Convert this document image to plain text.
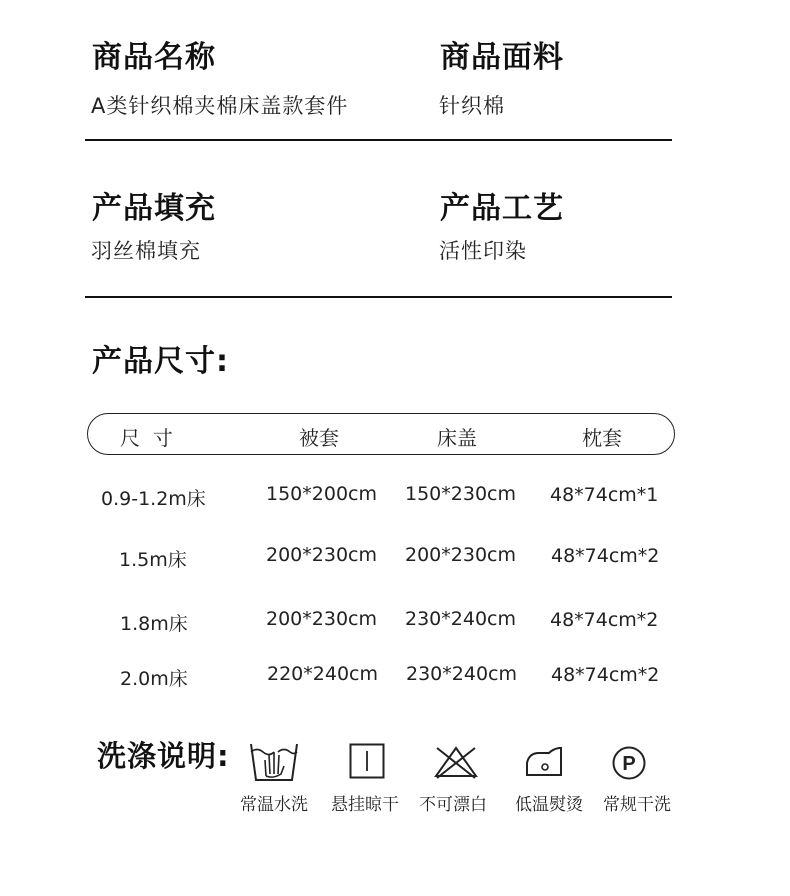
商品名称
A类针织棉夹棉床盖款套件
商品面料
针织棉
产品填充
羽丝棉填充
产品工艺
活性印染
产品尺寸:
尺  寸	被套	床盖	枕套
0.9-1.2m床	150*200cm 150*230cm 48*74cm*1
1.5m床	200*230cm 200*230cm 48*74cm*2
1.8m床	200*230cm 230*240cm 48*74cm*2
2.0m床	220*240cm 230*240cm 48*74cm*2
洗涤说明:	P
常温水洗 悬挂晾干 不可漂白 低温熨烫 常规干洗
